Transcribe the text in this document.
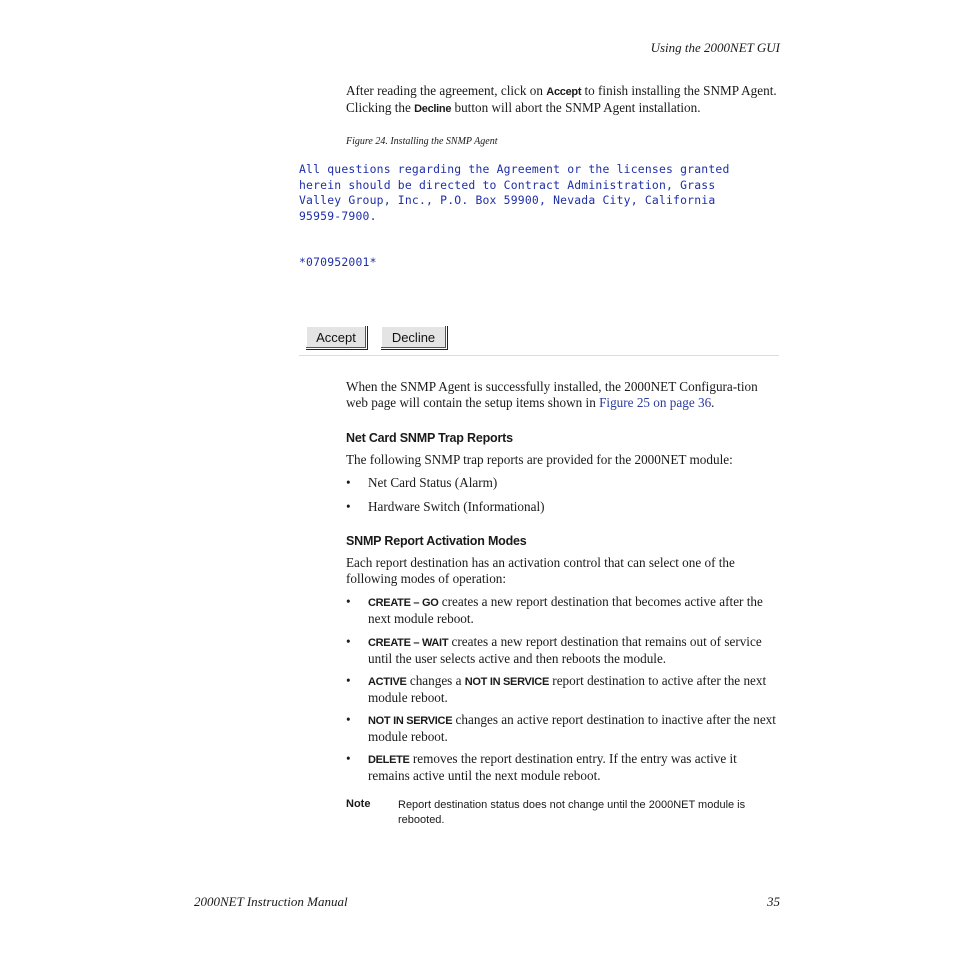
Using the 2000NET GUI
After reading the agreement, click on Accept to finish installing the SNMP Agent. Clicking the Decline button will abort the SNMP Agent installation.
Figure 24. Installing the SNMP Agent
All questions regarding the Agreement or the licenses granted
herein should be directed to Contract Administration, Grass
Valley Group, Inc., P.O. Box 59900, Nevada City, California
95959-7900.
*070952001*
Accept	Decline
When the SNMP Agent is successfully installed, the 2000NET Configura-tion web page will contain the setup items shown in Figure 25 on page 36.
Net Card SNMP Trap Reports
The following SNMP trap reports are provided for the 2000NET module:
• Net Card Status (Alarm)
• Hardware Switch (Informational)
SNMP Report Activation Modes
Each report destination has an activation control that can select one of the following modes of operation:
• CREATE – GO creates a new report destination that becomes active after the next module reboot.
• CREATE – WAIT creates a new report destination that remains out of service until the user selects active and then reboots the module.
• ACTIVE changes a NOT IN SERVICE report destination to active after the next module reboot.
• NOT IN SERVICE changes an active report destination to inactive after the next module reboot.
• DELETE removes the report destination entry. If the entry was active it remains active until the next module reboot.
Note	Report destination status does not change until the 2000NET module is rebooted.
2000NET Instruction Manual	35
